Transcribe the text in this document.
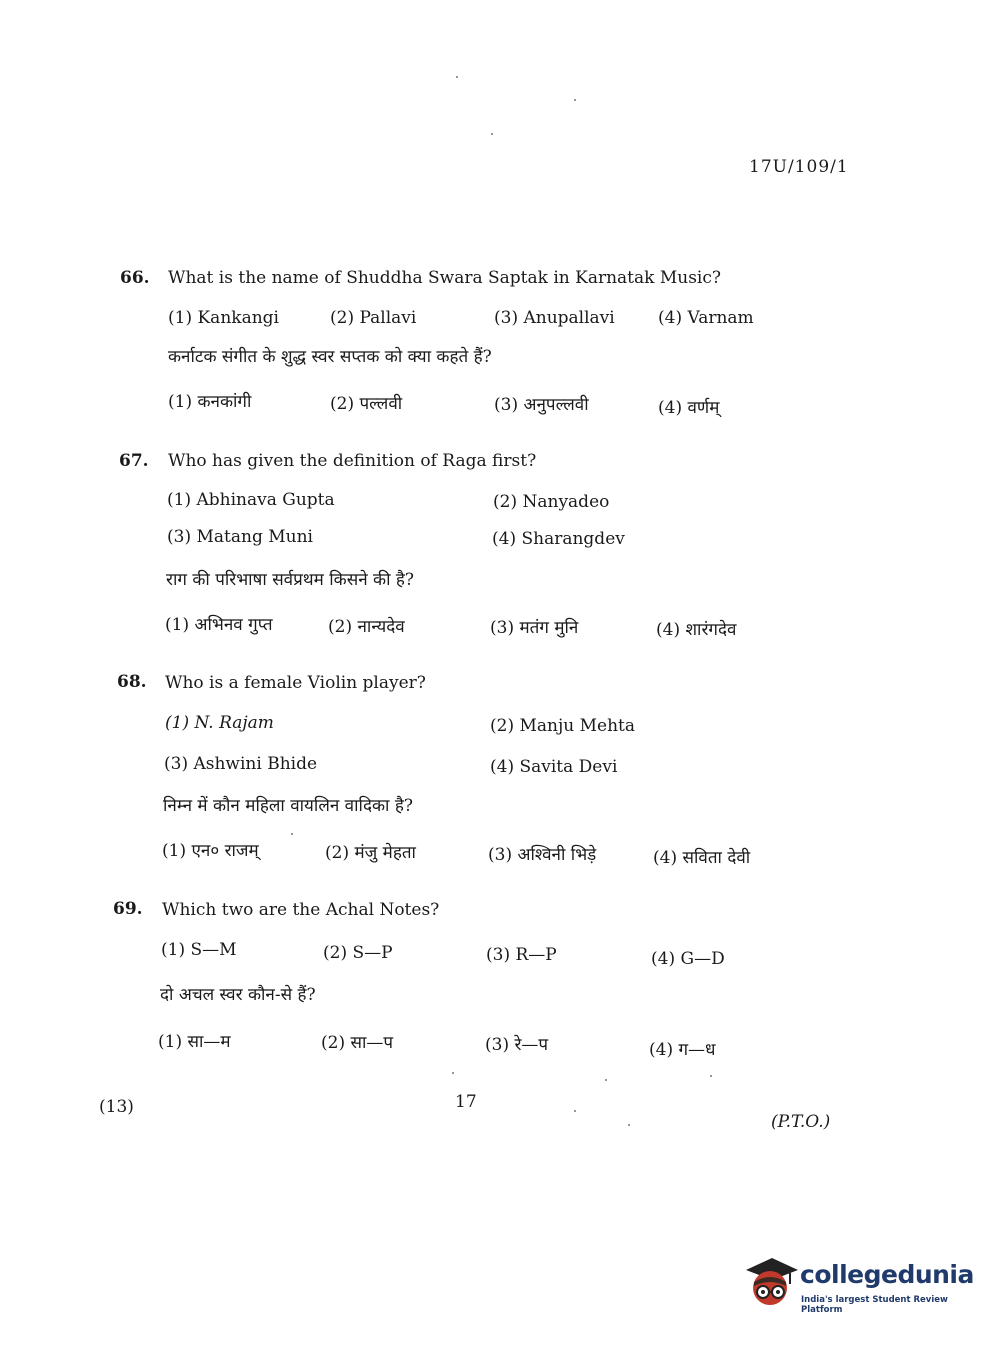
17U/109/1
66. What is the name of Shuddha Swara Saptak in Karnatak Music?
(1) Kankangi	(2) Pallavi	(3) Anupallavi	(4) Varnam
कर्नाटक संगीत के शुद्ध स्वर सप्तक को क्या कहते हैं?
(1) कनकांगी	(2) पल्लवी	(3) अनुपल्लवी	(4) वर्णम्
67. Who has given the definition of Raga first?
(1) Abhinava Gupta	(2) Nanyadeo
(3) Matang Muni	(4) Sharangdev
राग की परिभाषा सर्वप्रथम किसने की है?
(1) अभिनव गुप्त	(2) नान्यदेव	(3) मतंग मुनि	(4) शारंगदेव
68. Who is a female Violin player?
(1) N. Rajam	(2) Manju Mehta
(3) Ashwini Bhide	(4) Savita Devi
निम्न में कौन महिला वायलिन वादिका है?
(1) एन० राजम्	(2) मंजु मेहता	(3) अश्विनी भिड़े	(4) सविता देवी
69. Which two are the Achal Notes?
(1) S—M	(2) S—P	(3) R—P	(4) G—D
दो अचल स्वर कौन-से हैं?
(1) सा—म	(2) सा—प	(3) रे—प	(4) ग—ध
(13)	17
(P.T.O.)
collegedunia
India's largest Student Review Platform
